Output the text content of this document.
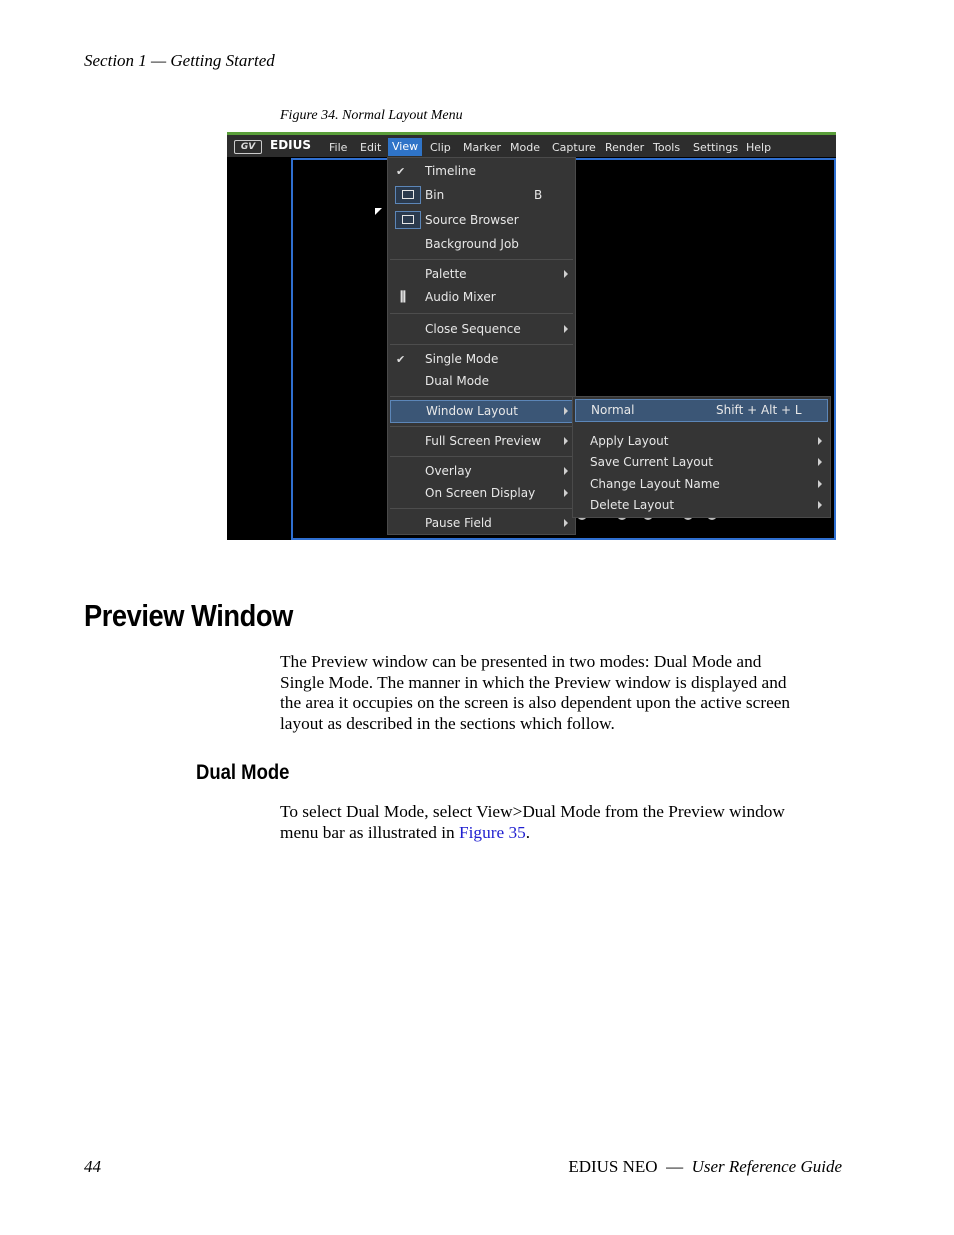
Section 1 — Getting Started
Figure 34. Normal Layout Menu
GV	EDIUS File Edit View	Clip Marker Mode Capture Render Tools Settings Help
✔ Timeline
Bin	B
Source Browser
Background Job
Palette
⫼ Audio Mixer
Close Sequence
✔ Single Mode
Dual Mode
Window Layout
Full Screen Preview
Overlay
On Screen Display
Pause Field
Normal	Shift + Alt + L
Apply Layout
Save Current Layout
Change Layout Name
Delete Layout
Preview Window
The Preview window can be presented in two modes: Dual Mode and
Single Mode. The manner in which the Preview window is displayed and
the area it occupies on the screen is also dependent upon the active screen
layout as described in the sections which follow.
Dual Mode
To select Dual Mode, select View>Dual Mode from the Preview window
menu bar as illustrated in Figure 35.
44	EDIUS NEO — User Reference Guide
